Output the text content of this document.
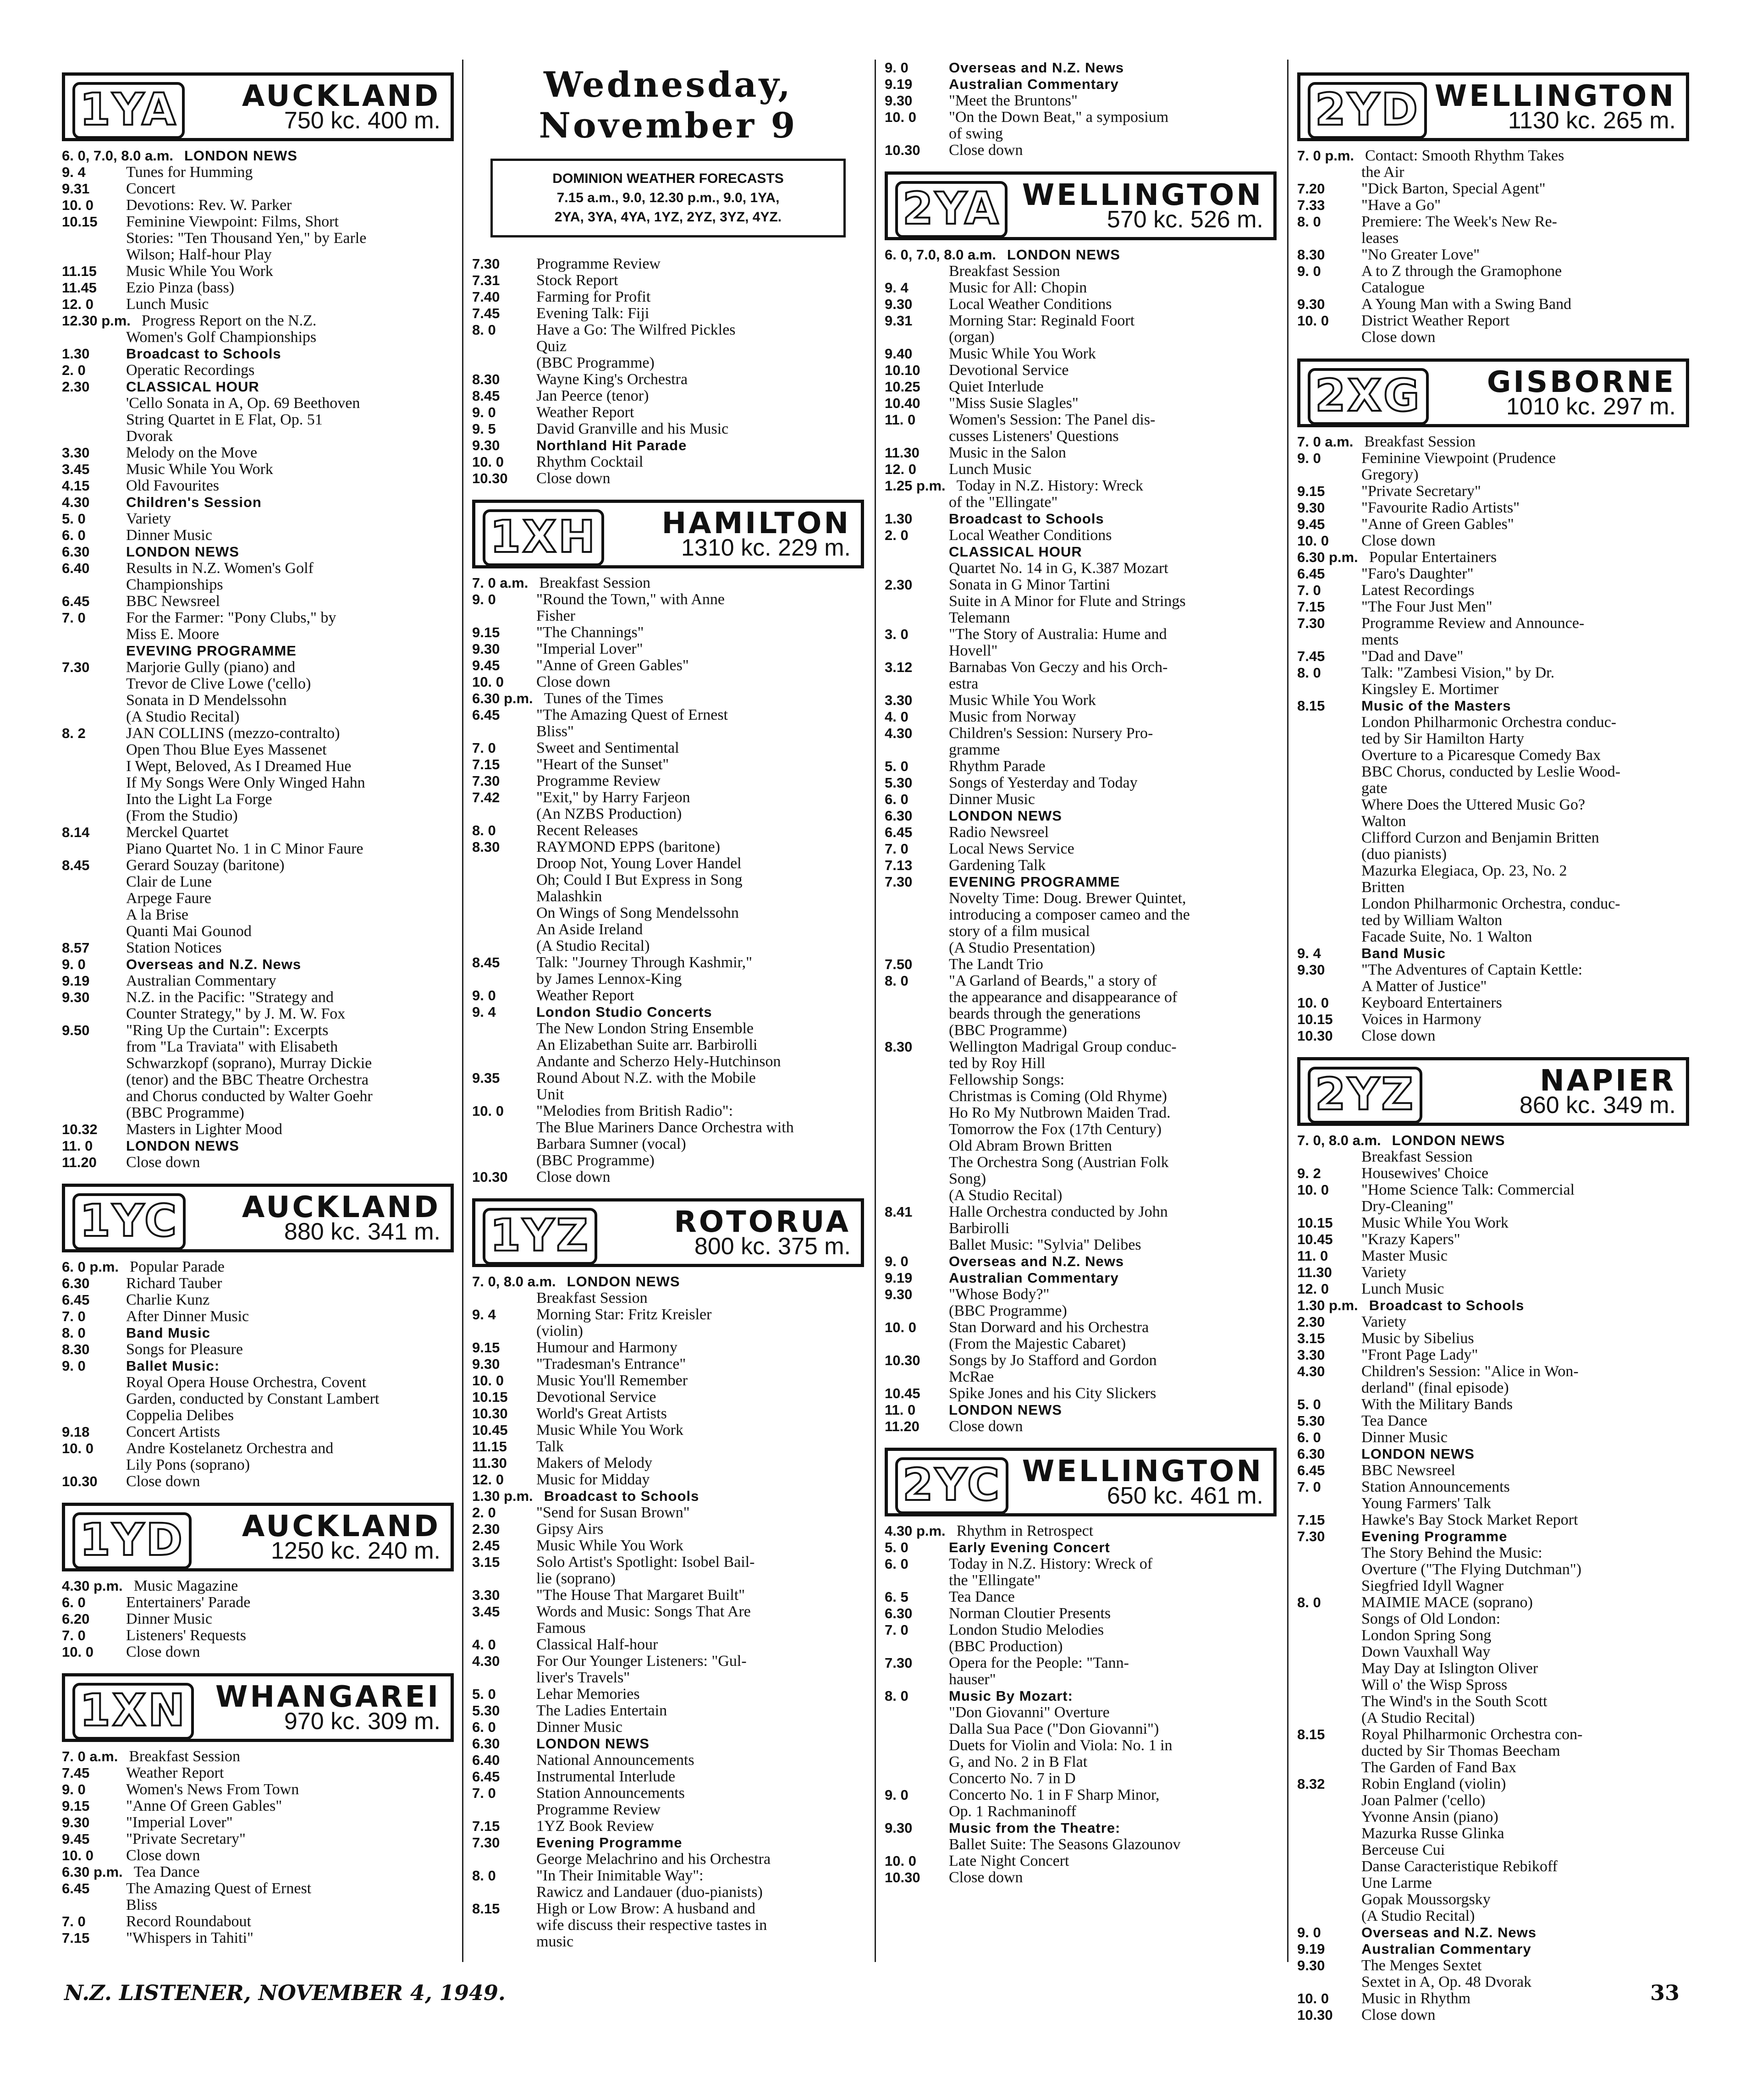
1YA AUCKLAND
750 kc. 400 m.
6. 0, 7.0, 8.0 a.m. LONDON NEWS
9. 4	Tunes for Humming
9.31	Concert
10. 0	Devotions: Rev. W. Parker
10.15	Feminine Viewpoint: Films, Short
Stories: "Ten Thousand Yen," by Earle
Wilson; Half-hour Play
11.15	Music While You Work
11.45	Ezio Pinza (bass)
12. 0	Lunch Music
12.30 p.m. Progress Report on the N.Z.
Women's Golf Championships
1.30	Broadcast to Schools
2. 0	Operatic Recordings
2.30	CLASSICAL HOUR
'Cello Sonata in A, Op. 69 Beethoven
String Quartet in E Flat, Op. 51
Dvorak
3.30	Melody on the Move
3.45	Music While You Work
4.15	Old Favourites
4.30	Children's Session
5. 0	Variety
6. 0	Dinner Music
6.30	LONDON NEWS
6.40	Results in N.Z. Women's Golf
Championships
6.45	BBC Newsreel
7. 0	For the Farmer: "Pony Clubs," by
Miss E. Moore
EVEVING PROGRAMME
7.30	Marjorie Gully (piano) and
Trevor de Clive Lowe ('cello)
Sonata in D Mendelssohn
(A Studio Recital)
8. 2	JAN COLLINS (mezzo-contralto)
Open Thou Blue Eyes Massenet
I Wept, Beloved, As I Dreamed Hue
If My Songs Were Only Winged Hahn
Into the Light La Forge
(From the Studio)
8.14	Merckel Quartet
Piano Quartet No. 1 in C Minor Faure
8.45	Gerard Souzay (baritone)
Clair de Lune
Arpege Faure
A la Brise
Quanti Mai Gounod
8.57	Station Notices
9. 0	Overseas and N.Z. News
9.19	Australian Commentary
9.30	N.Z. in the Pacific: "Strategy and
Counter Strategy," by J. M. W. Fox
9.50	"Ring Up the Curtain": Excerpts
from "La Traviata" with Elisabeth
Schwarzkopf (soprano), Murray Dickie
(tenor) and the BBC Theatre Orchestra
and Chorus conducted by Walter Goehr
(BBC Programme)
10.32	Masters in Lighter Mood
11. 0	LONDON NEWS
11.20	Close down
1YC AUCKLAND
880 kc. 341 m.
6. 0 p.m. Popular Parade
6.30	Richard Tauber
6.45	Charlie Kunz
7. 0	After Dinner Music
8. 0	Band Music
8.30	Songs for Pleasure
9. 0	Ballet Music:
Royal Opera House Orchestra, Covent
Garden, conducted by Constant Lambert
Coppelia Delibes
9.18	Concert Artists
10. 0	Andre Kostelanetz Orchestra and
Lily Pons (soprano)
10.30	Close down
1YD AUCKLAND
1250 kc. 240 m.
4.30 p.m. Music Magazine
6. 0	Entertainers' Parade
6.20	Dinner Music
7. 0	Listeners' Requests
10. 0	Close down
1XN WHANGAREI
970 kc. 309 m.
7. 0 a.m. Breakfast Session
7.45	Weather Report
9. 0	Women's News From Town
9.15	"Anne Of Green Gables"
9.30	"Imperial Lover"
9.45	"Private Secretary"
10. 0	Close down
6.30 p.m. Tea Dance
6.45	The Amazing Quest of Ernest
Bliss
7. 0	Record Roundabout
7.15	"Whispers in Tahiti"
Wednesday, November 9
DOMINION WEATHER FORECASTS
7.15 a.m., 9.0, 12.30 p.m., 9.0, 1YA,
2YA, 3YA, 4YA, 1YZ, 2YZ, 3YZ, 4YZ.
7.30	Programme Review
7.31	Stock Report
7.40	Farming for Profit
7.45	Evening Talk: Fiji
8. 0	Have a Go: The Wilfred Pickles
Quiz
(BBC Programme)
8.30	Wayne King's Orchestra
8.45	Jan Peerce (tenor)
9. 0	Weather Report
9. 5	David Granville and his Music
9.30	Northland Hit Parade
10. 0	Rhythm Cocktail
10.30	Close down
1XH HAMILTON
1310 kc. 229 m.
7. 0 a.m. Breakfast Session
9. 0	"Round the Town," with Anne
Fisher
9.15	"The Channings"
9.30	"Imperial Lover"
9.45	"Anne of Green Gables"
10. 0	Close down
6.30 p.m. Tunes of the Times
6.45	"The Amazing Quest of Ernest
Bliss"
7. 0	Sweet and Sentimental
7.15	"Heart of the Sunset"
7.30	Programme Review
7.42	"Exit," by Harry Farjeon
(An NZBS Production)
8. 0	Recent Releases
8.30	RAYMOND EPPS (baritone)
Droop Not, Young Lover Handel
Oh; Could I But Express in Song
Malashkin
On Wings of Song Mendelssohn
An Aside Ireland
(A Studio Recital)
8.45	Talk: "Journey Through Kashmir,"
by James Lennox-King
9. 0	Weather Report
9. 4	London Studio Concerts
The New London String Ensemble
An Elizabethan Suite arr. Barbirolli
Andante and Scherzo Hely-Hutchinson
9.35	Round About N.Z. with the Mobile
Unit
10. 0	"Melodies from British Radio":
The Blue Mariners Dance Orchestra with
Barbara Sumner (vocal)
(BBC Programme)
10.30	Close down
1YZ	ROTORUA
800 kc. 375 m.
7. 0, 8.0 a.m. LONDON NEWS
Breakfast Session
9. 4	Morning Star: Fritz Kreisler
(violin)
9.15	Humour and Harmony
9.30	"Tradesman's Entrance"
10. 0	Music You'll Remember
10.15	Devotional Service
10.30	World's Great Artists
10.45	Music While You Work
11.15	Talk
11.30	Makers of Melody
12. 0	Music for Midday
1.30 p.m. Broadcast to Schools
2. 0	"Send for Susan Brown"
2.30	Gipsy Airs
2.45	Music While You Work
3.15	Solo Artist's Spotlight: Isobel Bail-
lie (soprano)
3.30	"The House That Margaret Built"
3.45	Words and Music: Songs That Are
Famous
4. 0	Classical Half-hour
4.30	For Our Younger Listeners: "Gul-
liver's Travels"
5. 0	Lehar Memories
5.30	The Ladies Entertain
6. 0	Dinner Music
6.30	LONDON NEWS
6.40	National Announcements
6.45	Instrumental Interlude
7. 0	Station Announcements
Programme Review
7.15	1YZ Book Review
7.30	Evening Programme
George Melachrino and his Orchestra
8. 0	"In Their Inimitable Way":
Rawicz and Landauer (duo-pianists)
8.15	High or Low Brow: A husband and
wife discuss their respective tastes in
music
9. 0	Overseas and N.Z. News
9.19	Australian Commentary
9.30	"Meet the Bruntons"
10. 0	"On the Down Beat," a symposium
of swing
10.30	Close down
2YA WELLINGTON
570 kc. 526 m.
6. 0, 7.0, 8.0 a.m. LONDON NEWS
Breakfast Session
9. 4	Music for All: Chopin
9.30	Local Weather Conditions
9.31	Morning Star: Reginald Foort
(organ)
9.40	Music While You Work
10.10	Devotional Service
10.25	Quiet Interlude
10.40	"Miss Susie Slagles"
11. 0	Women's Session: The Panel dis-
cusses Listeners' Questions
11.30	Music in the Salon
12. 0	Lunch Music
1.25 p.m. Today in N.Z. History: Wreck
of the "Ellingate"
1.30	Broadcast to Schools
2. 0	Local Weather Conditions
CLASSICAL HOUR
Quartet No. 14 in G, K.387 Mozart
2.30	Sonata in G Minor Tartini
Suite in A Minor for Flute and Strings
Telemann
3. 0	"The Story of Australia: Hume and
Hovell"
3.12	Barnabas Von Geczy and his Orch-
estra
3.30	Music While You Work
4. 0	Music from Norway
4.30	Children's Session: Nursery Pro-
gramme
5. 0	Rhythm Parade
5.30	Songs of Yesterday and Today
6. 0	Dinner Music
6.30	LONDON NEWS
6.45	Radio Newsreel
7. 0	Local News Service
7.13	Gardening Talk
7.30	EVENING PROGRAMME
Novelty Time: Doug. Brewer Quintet,
introducing a composer cameo and the
story of a film musical
(A Studio Presentation)
7.50	The Landt Trio
8. 0	"A Garland of Beards," a story of
the appearance and disappearance of
beards through the generations
(BBC Programme)
8.30	Wellington Madrigal Group conduc-
ted by Roy Hill
Fellowship Songs:
Christmas is Coming (Old Rhyme)
Ho Ro My Nutbrown Maiden Trad.
Tomorrow the Fox (17th Century)
Old Abram Brown Britten
The Orchestra Song (Austrian Folk
Song)
(A Studio Recital)
8.41	Halle Orchestra conducted by John
Barbirolli
Ballet Music: "Sylvia" Delibes
9. 0	Overseas and N.Z. News
9.19	Australian Commentary
9.30	"Whose Body?"
(BBC Programme)
10. 0	Stan Dorward and his Orchestra
(From the Majestic Cabaret)
10.30	Songs by Jo Stafford and Gordon
McRae
10.45	Spike Jones and his City Slickers
11. 0	LONDON NEWS
11.20	Close down
2YC WELLINGTON
650 kc. 461 m.
4.30 p.m. Rhythm in Retrospect
5. 0	Early Evening Concert
6. 0	Today in N.Z. History: Wreck of
the "Ellingate"
6. 5	Tea Dance
6.30	Norman Cloutier Presents
7. 0	London Studio Melodies
(BBC Production)
7.30	Opera for the People: "Tann-
hauser"
8. 0	Music By Mozart:
"Don Giovanni" Overture
Dalla Sua Pace ("Don Giovanni")
Duets for Violin and Viola: No. 1 in
G, and No. 2 in B Flat
Concerto No. 7 in D
9. 0	Concerto No. 1 in F Sharp Minor,
Op. 1 Rachmaninoff
9.30	Music from the Theatre:
Ballet Suite: The Seasons Glazounov
10. 0	Late Night Concert
10.30	Close down
2YD WELLINGTON
1130 kc. 265 m.
7. 0 p.m. Contact: Smooth Rhythm Takes
the Air
7.20	"Dick Barton, Special Agent"
7.33	"Have a Go"
8. 0	Premiere: The Week's New Re-
leases
8.30	"No Greater Love"
9. 0	A to Z through the Gramophone
Catalogue
9.30	A Young Man with a Swing Band
10. 0	District Weather Report
Close down
2XG GISBORNE
1010 kc. 297 m.
7. 0 a.m. Breakfast Session
9. 0	Feminine Viewpoint (Prudence
Gregory)
9.15	"Private Secretary"
9.30	"Favourite Radio Artists"
9.45	"Anne of Green Gables"
10. 0	Close down
6.30 p.m. Popular Entertainers
6.45	"Faro's Daughter"
7. 0	Latest Recordings
7.15	"The Four Just Men"
7.30	Programme Review and Announce-
ments
7.45	"Dad and Dave"
8. 0	Talk: "Zambesi Vision," by Dr.
Kingsley E. Mortimer
8.15	Music of the Masters
London Philharmonic Orchestra conduc-
ted by Sir Hamilton Harty
Overture to a Picaresque Comedy Bax
BBC Chorus, conducted by Leslie Wood-
gate
Where Does the Uttered Music Go?
Walton
Clifford Curzon and Benjamin Britten
(duo pianists)
Mazurka Elegiaca, Op. 23, No. 2
Britten
London Philharmonic Orchestra, conduc-
ted by William Walton
Facade Suite, No. 1 Walton
9. 4	Band Music
9.30	"The Adventures of Captain Kettle:
A Matter of Justice"
10. 0	Keyboard Entertainers
10.15	Voices in Harmony
10.30	Close down
2YZ	NAPIER
860 kc. 349 m.
7. 0, 8.0 a.m. LONDON NEWS
Breakfast Session
9. 2	Housewives' Choice
10. 0	"Home Science Talk: Commercial
Dry-Cleaning"
10.15	Music While You Work
10.45	"Krazy Kapers"
11. 0	Master Music
11.30	Variety
12. 0	Lunch Music
1.30 p.m. Broadcast to Schools
2.30	Variety
3.15	Music by Sibelius
3.30	"Front Page Lady"
4.30	Children's Session: "Alice in Won-
derland" (final episode)
5. 0	With the Military Bands
5.30	Tea Dance
6. 0	Dinner Music
6.30	LONDON NEWS
6.45	BBC Newsreel
7. 0	Station Announcements
Young Farmers' Talk
7.15	Hawke's Bay Stock Market Report
7.30	Evening Programme
The Story Behind the Music:
Overture ("The Flying Dutchman")
Siegfried Idyll Wagner
8. 0	MAIMIE MACE (soprano)
Songs of Old London:
London Spring Song
Down Vauxhall Way
May Day at Islington Oliver
Will o' the Wisp Spross
The Wind's in the South Scott
(A Studio Recital)
8.15	Royal Philharmonic Orchestra con-
ducted by Sir Thomas Beecham
The Garden of Fand Bax
8.32	Robin England (violin)
Joan Palmer ('cello)
Yvonne Ansin (piano)
Mazurka Russe Glinka
Berceuse Cui
Danse Caracteristique Rebikoff
Une Larme
Gopak Moussorgsky
(A Studio Recital)
9. 0	Overseas and N.Z. News
9.19	Australian Commentary
9.30	The Menges Sextet
Sextet in A, Op. 48 Dvorak
10. 0	Music in Rhythm
10.30	Close down
N.Z. LISTENER, NOVEMBER 4, 1949.	33
